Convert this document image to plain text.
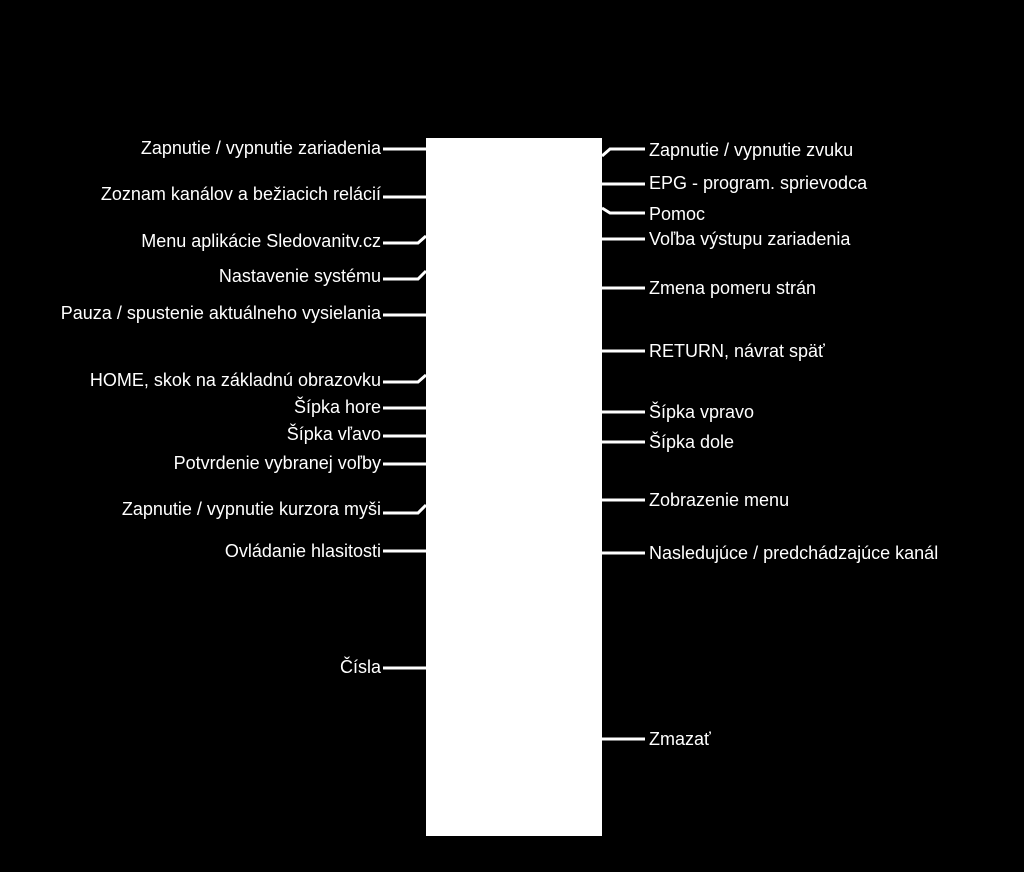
Zapnutie / vypnutie zariadenia
Zoznam kanálov a bežiacich relácií
Menu aplikácie Sledovanitv.cz
Nastavenie systému
Pauza / spustenie aktuálneho vysielania
HOME, skok na základnú obrazovku
Šípka hore
Šípka vľavo
Potvrdenie vybranej voľby
Zapnutie / vypnutie kurzora myši
Ovládanie hlasitosti
Čísla
Zapnutie / vypnutie zvuku
EPG - program. sprievodca
Pomoc
Voľba výstupu zariadenia
Zmena pomeru strán
RETURN, návrat späť
Šípka vpravo
Šípka dole
Zobrazenie menu
Nasledujúce / predchádzajúce kanál
Zmazať
